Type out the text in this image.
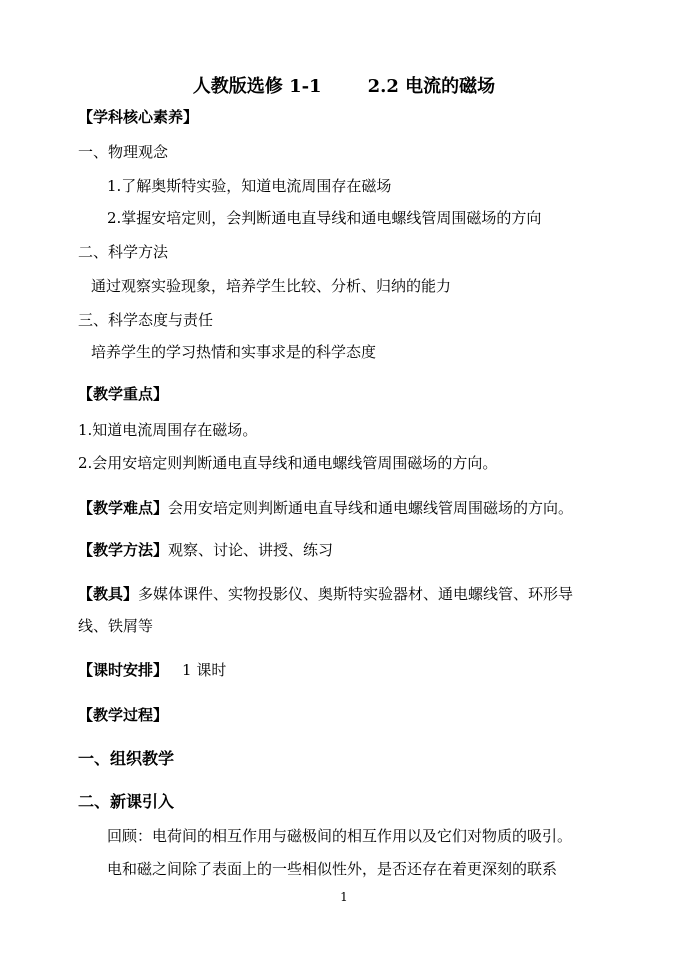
人教版选修 1-1	2.2 电流的磁场
【学科核心素养】
一、物理观念
1.了解奥斯特实验，知道电流周围存在磁场
2.掌握安培定则，会判断通电直导线和通电螺线管周围磁场的方向
二、科学方法
通过观察实验现象，培养学生比较、分析、归纳的能力
三、科学态度与责任
培养学生的学习热情和实事求是的科学态度
【教学重点】
1.知道电流周围存在磁场。
2.会用安培定则判断通电直导线和通电螺线管周围磁场的方向。
【教学难点】会用安培定则判断通电直导线和通电螺线管周围磁场的方向。
【教学方法】观察、讨论、讲授、练习
【教具】多媒体课件、实物投影仪、奥斯特实验器材、通电螺线管、环形导
线、铁屑等
【课时安排】 1 课时
【教学过程】
一、组织教学
二、新课引入
回顾：电荷间的相互作用与磁极间的相互作用以及它们对物质的吸引。
电和磁之间除了表面上的一些相似性外，是否还存在着更深刻的联系
1
